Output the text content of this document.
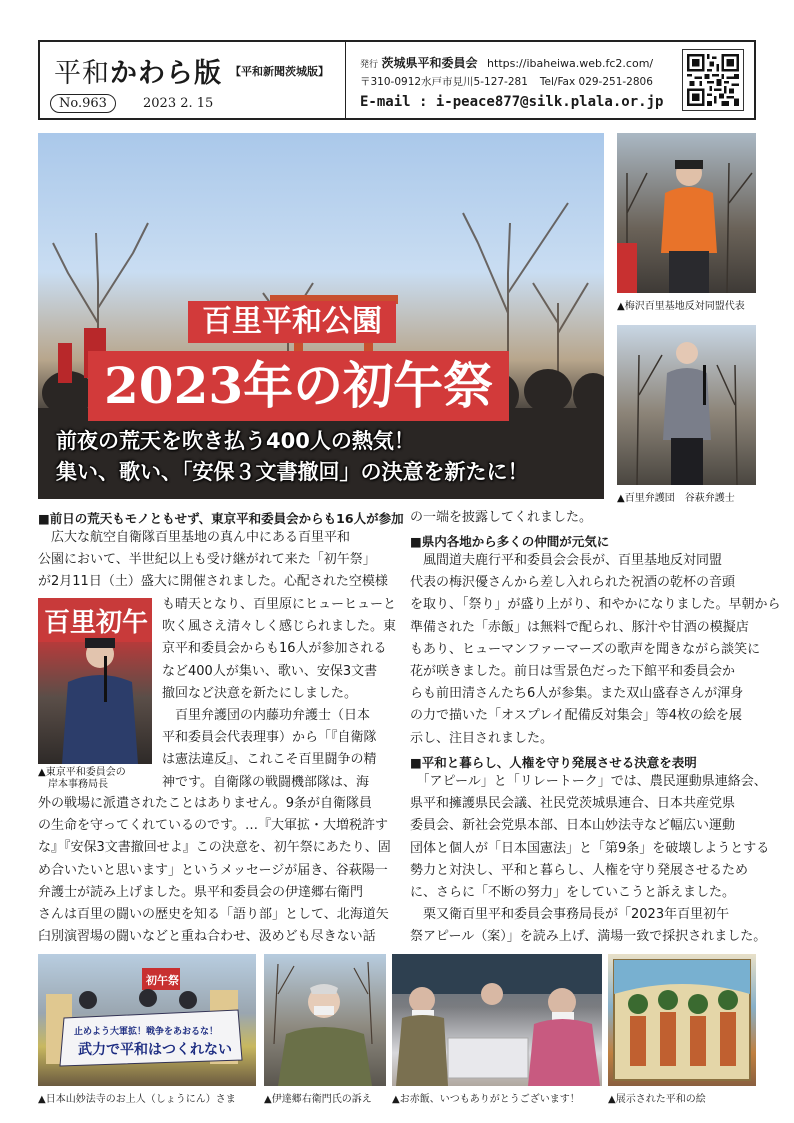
平和かわら版 【平和新聞茨城版】
No.963	2023 2. 15
発行 茨城県平和委員会 https://ibaheiwa.web.fc2.com/
〒310-0912水戸市見川5-127-281 Tel/Fax 029-251-2806
E-mail : i-peace877@silk.plala.or.jp
百里平和公園
2023年の初午祭
前夜の荒天を吹き払う400人の熱気！
集い、歌い、「安保３文書撤回」の決意を新たに！
▲梅沢百里基地反対同盟代表
▲百里弁護団　谷萩弁護士
■前日の荒天もモノともせず、東京平和委員会からも16人が参加

　広大な航空自衛隊百里基地の真ん中にある百里平和

公園において、半世紀以上も受け継がれて来た「初午祭」

が2月11日（土）盛大に開催されました。心配された空模様

百里初午

も晴天となり、百里原にヒューヒューと

吹く風さえ清々しく感じられました。東

京平和委員会からも16人が参加される

など400人が集い、歌い、安保3文書

撤回など決意を新たにしました。

　百里弁護団の内藤功弁護士（日本

平和委員会代表理事）から「『自衛隊

は憲法違反』、これこそ百里闘争の精

神です。自衛隊の戦闘機部隊は、海

▲東京平和委員会の
　岸本事務局長

外の戦場に派遣されたことはありません。9条が自衛隊員

の生命を守ってくれているのです。…『大軍拡・大増税許す

な』『安保3文書撤回せよ』この決意を、初午祭にあたり、固

め合いたいと思います」というメッセージが届き、谷萩陽一

弁護士が読み上げました。県平和委員会の伊達郷右衛門

さんは百里の闘いの歴史を知る「語り部」として、北海道矢

臼別演習場の闘いなどと重ね合わせ、汲めども尽きない話

の一端を披露してくれました。

■県内各地から多くの仲間が元気に

　風間道夫鹿行平和委員会会長が、百里基地反対同盟

代表の梅沢優さんから差し入れられた祝酒の乾杯の音頭

を取り、「祭り」が盛り上がり、和やかになりました。早朝から

準備された「赤飯」は無料で配られ、豚汁や甘酒の模擬店

もあり、ヒューマンファーマーズの歌声を聞きながら談笑に

花が咲きました。前日は雪景色だった下館平和委員会か

らも前田清さんたち6人が参集。また双山盛春さんが渾身

の力で描いた「オスプレイ配備反対集会」等4枚の絵を展

示し、注目されました。

■平和と暮らし、人権を守り発展させる決意を表明

　「アピール」と「リレートーク」では、農民運動県連絡会、

県平和擁護県民会議、社民党茨城県連合、日本共産党県

委員会、新社会党県本部、日本山妙法寺など幅広い運動

団体と個人が「日本国憲法」と「第9条」を破壊しようとする

勢力と対決し、平和と暮らし、人権を守り発展させるため

に、さらに「不断の努力」をしていこうと訴えました。

　栗又衛百里平和委員会事務局長が「2023年百里初午

祭アピール（案）」を読み上げ、満場一致で採択されました。

初午祭
止めよう大軍拡！戦争をあおるな！
武力で平和はつくれない
▲日本山妙法寺のお上人（しょうにん）さま	▲伊達郷右衛門氏の訴え ▲お赤飯、いつもありがとうございます！	▲展示された平和の絵
